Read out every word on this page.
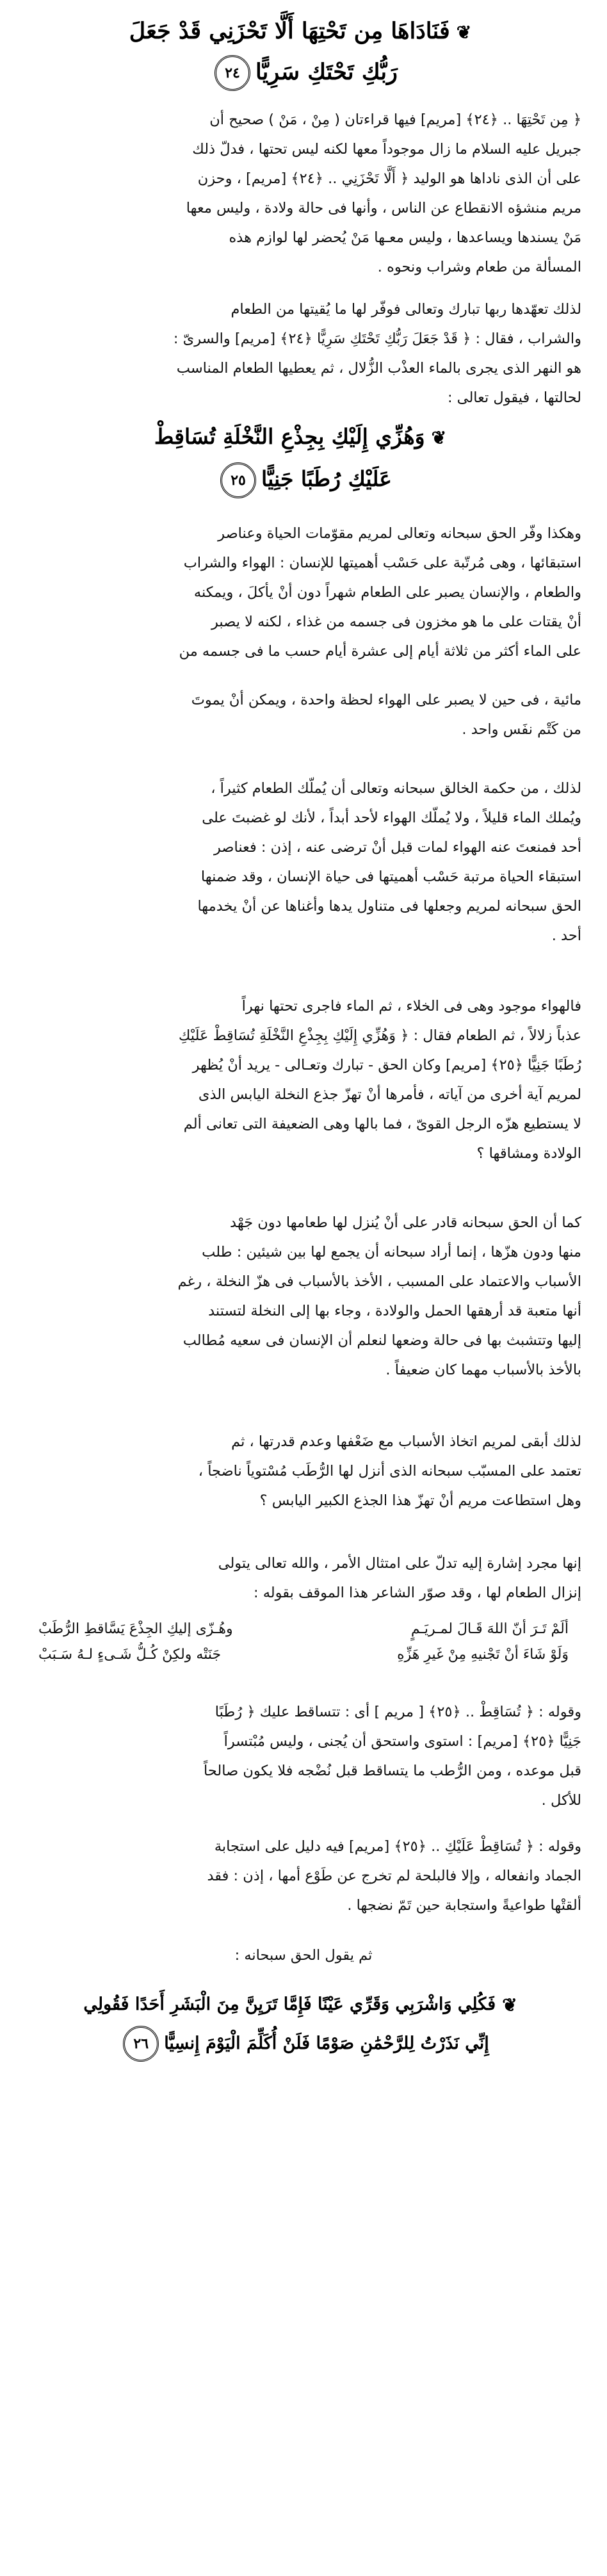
❦فَنَادَاهَا مِن تَحْتِهَا أَلَّا تَحْزَنِي قَدْ جَعَلَ
رَبُّكِ تَحْتَكِ سَرِيًّا٢٤
﴿ مِن تَحْتِهَا .. ﴿٢٤﴾ [مريم] فيها قراءتان ( مِنْ ، مَنْ ) صحيح أن
جبريل عليه السلام ما زال موجوداً معها لكنه ليس تحتها ، فدلّ ذلك
على أن الذى ناداها هو الوليد ﴿ أَلَّا تَحْزَنِي .. ﴿٢٤﴾ [مريم] ، وحزن
مريم منشؤه الانقطاع عن الناس ، وأنها فى حالة ولادة ، وليس معها
مَنْ يسندها ويساعدها ، وليس معـها مَنْ يُحضر لها لوازم هذه
المسألة من طعام وشراب ونحوه .
لذلك تعهّدها ربها تبارك وتعالى فوفّر لها ما يُقيتها من الطعام
والشراب ، فقال : ﴿ قَدْ جَعَلَ رَبُّكِ تَحْتَكِ سَرِيًّا ﴿٢٤﴾ [مريم] والسرىّ :
هو النهر الذى يجرى بالماء العذْب الزُّلال ، ثم يعطيها الطعام المناسب
لحالتها ، فيقول تعالى :
❦وَهُزِّي إِلَيْكِ بِجِذْعِ النَّخْلَةِ تُسَاقِطْ
عَلَيْكِ رُطَبًا جَنِيًّا٢٥
وهكذا وفّر الحق سبحانه وتعالى لمريم مقوّمات الحياة وعناصر
استبقائها ، وهى مُرتّبة على حَسْب أهميتها للإنسان : الهواء والشراب
والطعام ، والإنسان يصبر على الطعام شهراً دون أنْ يأكلَ ، ويمكنه
أنْ يقتات على ما هو مخزون فى جسمه من غذاء ، لكنه لا يصبر
على الماء أكثر من ثلاثة أيام إلى عشرة أيام حسب ما فى جسمه من
مائية ، فى حين لا يصبر على الهواء لحظة واحدة ، ويمكن أنْ يموتَ
من كَتْم نفَس واحد .
لذلك ، من حكمة الخالق سبحانه وتعالى أن يُملّك الطعام كثيراً ،
ويُملك الماء قليلاً ، ولا يُملّك الهواء لأحد أبداً ، لأنك لو غضبتَ على
أحد فمنعتَ عنه الهواء لمات قبل أنْ ترضى عنه ، إذن : فعناصر
استبقاء الحياة مرتبة حَسْب أهميتها فى حياة الإنسان ، وقد ضمنها
الحق سبحانه لمريم وجعلها فى متناول يدها وأغناها عن أنْ يخدمها
أحد .
فالهواء موجود وهى فى الخلاء ، ثم الماء فاجرى تحتها نهراً
عذباً زلالاً ، ثم الطعام فقال : ﴿ وَهُزِّي إِلَيْكِ بِجِذْعِ النَّخْلَةِ تُسَاقِطْ عَلَيْكِ
رُطَبًا جَنِيًّا ﴿٢٥﴾ [مريم] وكان الحق - تبارك وتعـالى - يريد أنْ يُظهر
لمريم آية أخرى من آياته ، فأمرها أنْ تهزّ جذع النخلة اليابس الذى
لا يستطيع هزّه الرجل القوىّ ، فما بالها وهى الضعيفة التى تعانى ألم
الولادة ومشاقها ؟
كما أن الحق سبحانه قادر على أنْ يُنزل لها طعامها دون جَهْد
منها ودون هزّها ، إنما أراد سبحانه أن يجمع لها بين شيئين : طلب
الأسباب والاعتماد على المسبب ، الأخذ بالأسباب فى هزّ النخلة ، رغم
أنها متعبة قد أرهقها الحمل والولادة ، وجاء بها إلى النخلة لتستند
إليها وتتشبث بها فى حالة وضعها لنعلم أن الإنسان فى سعيه مُطالب
بالأخذ بالأسباب مهما كان ضعيفاً .
لذلك أبقى لمريم اتخاذ الأسباب مع ضَعْفها وعدم قدرتها ، ثم
تعتمد على المسبّب سبحانه الذى أنزل لها الرُّطَب مُسْتوياً ناضجاً ،
وهل استطاعت مريم أنْ تهزّ هذا الجذع الكبير اليابس ؟
إنها مجرد إشارة إليه تدلّ على امتثال الأمر ، والله تعالى يتولى
إنزال الطعام لها ، وقد صوّر الشاعر هذا الموقف بقوله :
ألَمْ تَـرَ أنّ اللهَ قَـالَ لمـريَـمٍ
وهُـزّى إليكِ الجِذْعَ يَسَّاقطِ الرُّطَبْ
وَلَوْ شَاءَ أنْ تَجْنيهِ مِنْ غَيرِ هَزِّهِ
جَنَتْه ولكِنْ كُـلُّ شَـىءٍ لـهُ سَـبَبْ
وقوله : ﴿ تُسَاقِطْ .. ﴿٢٥﴾ [ مريم ] أى : تتساقط عليك ﴿ رُطَبًا
جَنِيًّا ﴿٢٥﴾ [مريم] : استوى واستحق أن يُجنى ، وليس مُبْتسراً
قبل موعده ، ومن الرُّطب ما يتساقط قبل نُضْجه فلا يكون صالحاً
للأكل .
وقوله : ﴿ تُسَاقِطْ عَلَيْكِ .. ﴿٢٥﴾ [مريم] فيه دليل على استجابة
الجماد وانفعاله ، وإلا فالبلحة لم تخرج عن طَوْع أمها ، إذن : فقد
ألقتْها طواعيةً واستجابة حين تَمّ نضجها .
ثم يقول الحق سبحانه :
❦فَكُلِي وَاشْرَبِي وَقَرِّي عَيْنًا فَإِمَّا تَرَيِنَّ مِنَ الْبَشَرِ أَحَدًا فَقُولِي
إِنِّي نَذَرْتُ لِلرَّحْمَٰنِ صَوْمًا فَلَنْ أُكَلِّمَ الْيَوْمَ إِنسِيًّا٢٦
